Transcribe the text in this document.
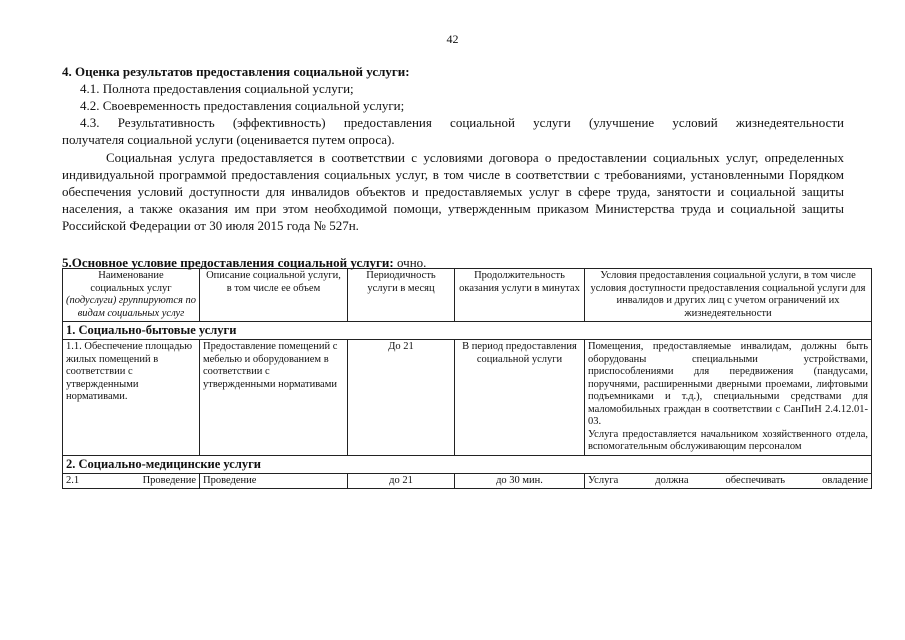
42
4. Оценка результатов предоставления социальной услуги:
4.1. Полнота предоставления социальной услуги;
4.2. Своевременность предоставления социальной услуги;
4.3. Результативность (эффективность) предоставления социальной услуги (улучшение условий жизнедеятельности
получателя социальной услуги (оценивается путем опроса).
Социальная услуга предоставляется в соответствии с условиями договора о предоставлении социальных услуг, определенных индивидуальной программой предоставления социальных услуг, в том числе в соответствии с требованиями, установленными Порядком обеспечения условий доступности для инвалидов объектов и предоставляемых услуг в сфере труда, занятости и социальной защиты населения, а также оказания им при этом необходимой помощи, утвержденным приказом Министерства труда и социальной защиты Российской Федерации от 30 июля 2015 года № 527н.
5.Основное условие предоставления социальной услуги: очно.
Наименование
социальных услуг
(подуслуги) группируются по видам социальных услуг	Описание социальной услуги, в том числе ее объем	Периодичность услуги в месяц	Продолжительность оказания услуги в минутах	Условия предоставления социальной услуги, в том числе условия доступности предоставления социальной услуги для инвалидов и других лиц с учетом ограничений их жизнедеятельности
1. Социально-бытовые услуги				
1.1. Обеспечение площадью жилых помещений в соответствии с утвержденными нормативами.	Предоставление помещений с мебелью и оборудованием в соответствии с утвержденными нормативами	До 21	В период предоставления социальной услуги	Помещения, предоставляемые инвалидам, должны быть оборудованы специальными устройствами, приспособлениями для передвижения (пандусами, поручнями, расширенными дверными проемами, лифтовыми подъемниками и т.д.), специальными средствами для маломобильных граждан в соответствии с СанПиН 2.4.12.01-03.
Услуга предоставляется начальником хозяйственного отдела, вспомогательным обслуживающим персоналом

2. Социально-медицинские услуги				
2.1 Проведение	Проведение	до 21	до 30 мин.	Услуга должна обеспечивать овладение
